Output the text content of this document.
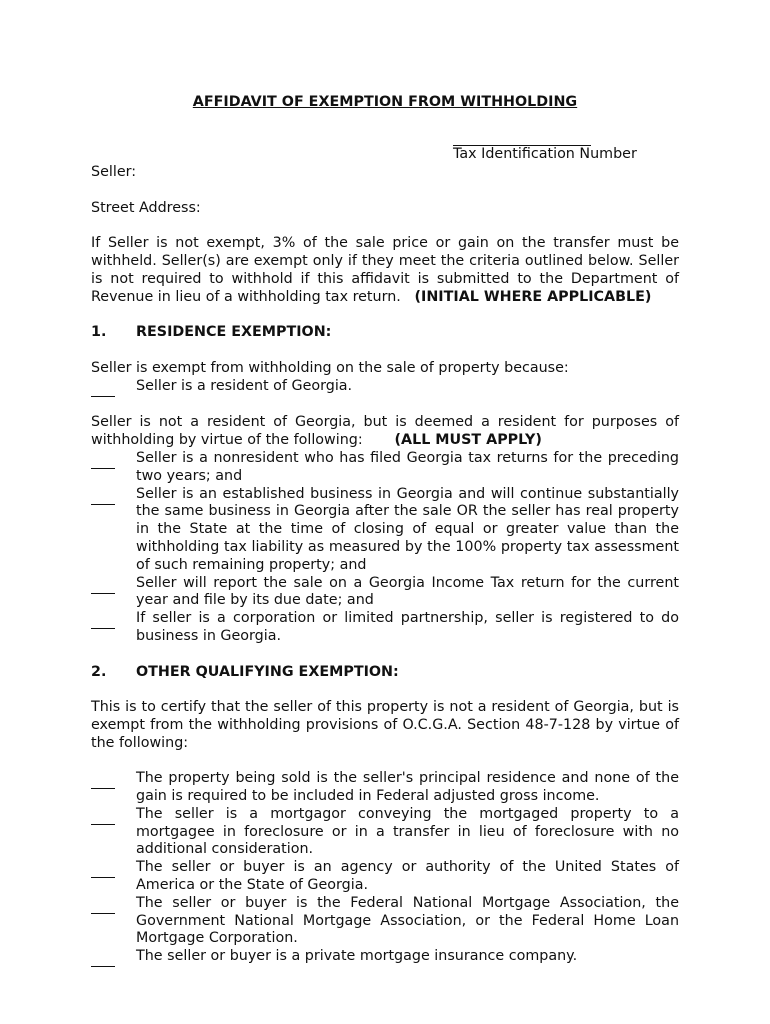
AFFIDAVIT OF EXEMPTION FROM WITHHOLDING
Tax Identification Number

Seller:

Street Address:

If Seller is not exempt, 3% of the sale price or gain on the transfer must be withheld. Seller(s) are exempt only if they meet the criteria outlined below. Seller is not required to withhold if this affidavit is submitted to the Department of Revenue in lieu of a withholding tax return. (INITIAL WHERE APPLICABLE)

1.	RESIDENCE EXEMPTION:

Seller is exempt from withholding on the sale of property because:

Seller is a resident of Georgia.

Seller is not a resident of Georgia, but is deemed a resident for purposes of withholding by virtue of the following: (ALL MUST APPLY)

Seller is a nonresident who has filed Georgia tax returns for the preceding two years; and
Seller is an established business in Georgia and will continue substantially the same business in Georgia after the sale OR the seller has real property in the State at the time of closing of equal or greater value than the withholding tax liability as measured by the 100% property tax assessment of such remaining property; and
Seller will report the sale on a Georgia Income Tax return for the current year and file by its due date; and
If seller is a corporation or limited partnership, seller is registered to do business in Georgia.
2.	OTHER QUALIFYING EXEMPTION:

This is to certify that the seller of this property is not a resident of Georgia, but is exempt from the withholding provisions of O.C.G.A. Section 48-7-128 by virtue of the following:

The property being sold is the seller's principal residence and none of the gain is required to be included in Federal adjusted gross income.
The seller is a mortgagor conveying the mortgaged property to a mortgagee in foreclosure or in a transfer in lieu of foreclosure with no additional consideration.
The seller or buyer is an agency or authority of the United States of America or the State of Georgia.
The seller or buyer is the Federal National Mortgage Association, the Government National Mortgage Association, or the Federal Home Loan Mortgage Corporation.
The seller or buyer is a private mortgage insurance company.
